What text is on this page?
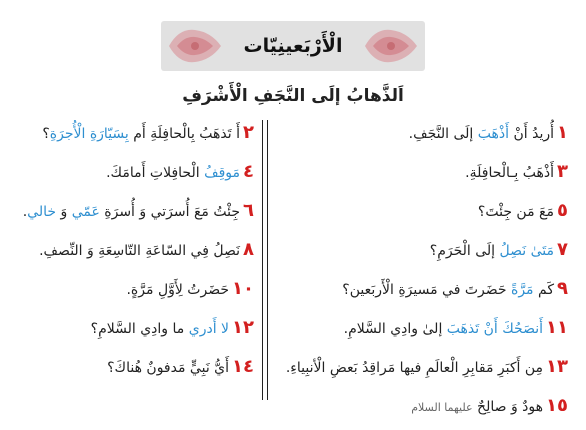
الْأَرْبَعينِيّات
اَلذَّهابُ إلَى النَّجَفِ الْأَشْرَفِ
١أُريدُ أَنْ أَذْهَبَ إلَى النَّجَفِ.
٣أَذْهَبُ بِـالْحافِلَةِ.
٥مَعَ مَن جِئْتَ؟
٧مَتَىٰ نَصِلُ إلَى الْحَرَمِ؟
٩كَم مَرَّةً حَضَرتَ في مَسيرَةِ الْأَربَعين؟
١١أَنصَحُكَ أَنْ تَذهَبَ إلىٰ وادِي السَّلامِ.
١٣مِن أَكبَرِ مَقابِرِ الْعالَمِ فيها مَراقِدُ بَعضِ الْأنبِياءِ.
١٥هودٌ وَ صالِحٌ عليهما السلام
٢أَ تَذهَبُ بِالْحافِلَةِ أَم بِسَيّارَةِ الْأُجرَةِ؟
٤مَوقِفُ الْحافِلاتِ أَمامَكَ.
٦جِئْتُ مَعَ أُسرَتي وَ أُسرَةِ عَمّي وَ خالي.
٨نَصِلُ فِي السّاعَةِ التّاسِعَةِ وَ النِّصفِ.
١٠حَضَرتُ لِأَوَّلِ مَرَّةٍ.
١٢لا أَدري ما وادِي السَّلامِ؟
١٤أَيُّ نَبِيٍّ مَدفونٌ هُناكَ؟
